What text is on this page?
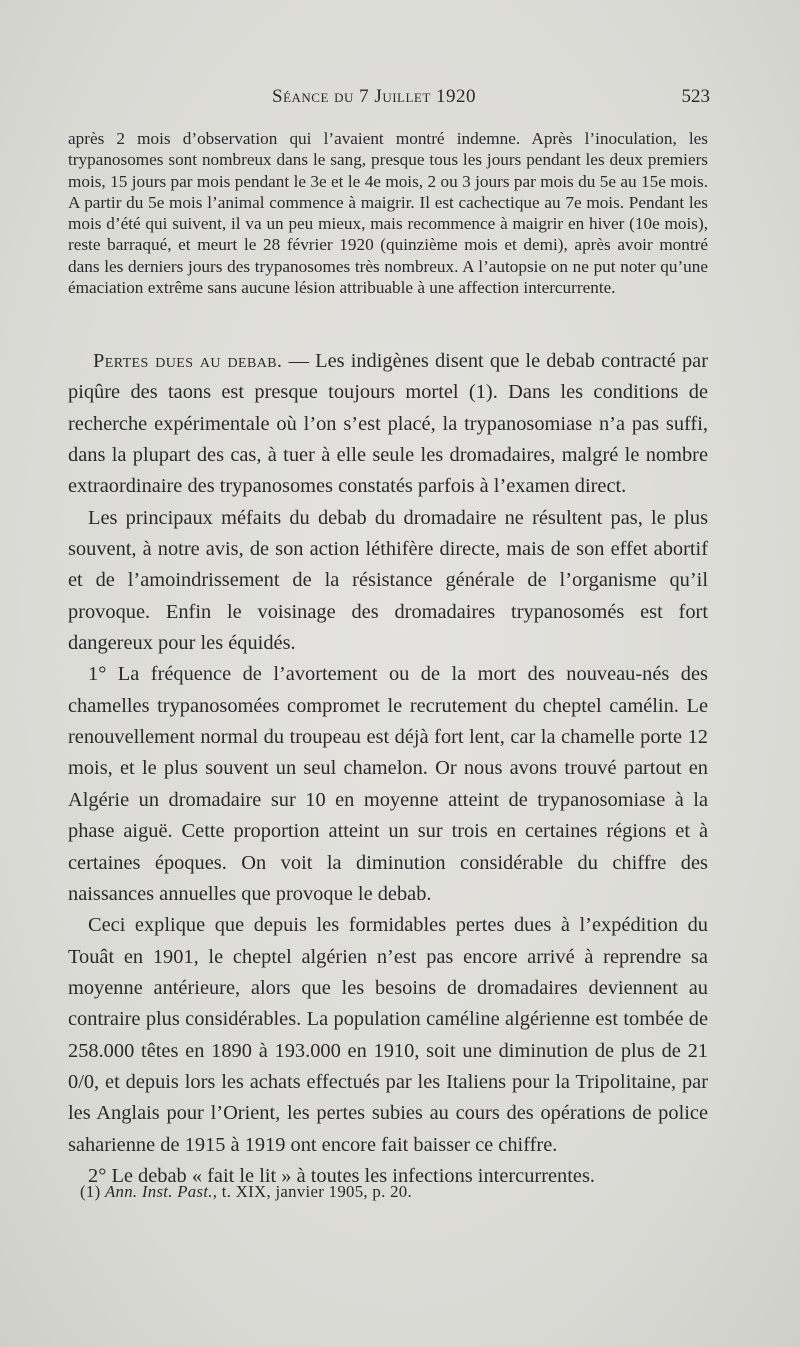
Séance du 7 Juillet 1920	523

après 2 mois d’observation qui l’avaient montré indemne. Après l’inoculation, les trypanosomes sont nombreux dans le sang, presque tous les jours pendant les deux premiers mois, 15 jours par mois pendant le 3e et le 4e mois, 2 ou 3 jours par mois du 5e au 15e mois. A partir du 5e mois l’animal commence à maigrir. Il est cachectique au 7e mois. Pendant les mois d’été qui suivent, il va un peu mieux, mais recommence à maigrir en hiver (10e mois), reste barraqué, et meurt le 28 février 1920 (quinzième mois et demi), après avoir montré dans les derniers jours des trypanosomes très nombreux. A l’autopsie on ne put noter qu’une émaciation extrême sans aucune lésion attribuable à une affection intercurrente.

Pertes dues au debab. — Les indigènes disent que le debab contracté par piqûre des taons est presque toujours mortel (1). Dans les conditions de recherche expérimentale où l’on s’est placé, la trypanosomiase n’a pas suffi, dans la plupart des cas, à tuer à elle seule les dromadaires, malgré le nombre extraordinaire des trypanosomes constatés parfois à l’examen direct.

Les principaux méfaits du debab du dromadaire ne résultent pas, le plus souvent, à notre avis, de son action léthifère directe, mais de son effet abortif et de l’amoindrissement de la résistance générale de l’organisme qu’il provoque. Enfin le voisinage des dromadaires trypanosomés est fort dangereux pour les équidés.

1° La fréquence de l’avortement ou de la mort des nouveau-nés des chamelles trypanosomées compromet le recrutement du cheptel camélin. Le renouvellement normal du troupeau est déjà fort lent, car la chamelle porte 12 mois, et le plus souvent un seul chamelon. Or nous avons trouvé partout en Algérie un dromadaire sur 10 en moyenne atteint de trypanosomiase à la phase aiguë. Cette proportion atteint un sur trois en certaines régions et à certaines époques. On voit la diminution considérable du chiffre des naissances annuelles que provoque le debab.

Ceci explique que depuis les formidables pertes dues à l’expédition du Touât en 1901, le cheptel algérien n’est pas encore arrivé à reprendre sa moyenne antérieure, alors que les besoins de dromadaires deviennent au contraire plus considérables. La population caméline algérienne est tombée de 258.000 têtes en 1890 à 193.000 en 1910, soit une diminution de plus de 21 0/0, et depuis lors les achats effectués par les Italiens pour la Tripolitaine, par les Anglais pour l’Orient, les pertes subies au cours des opérations de police saharienne de 1915 à 1919 ont encore fait baisser ce chiffre.

2° Le debab « fait le lit » à toutes les infections intercurrentes.

(1) Ann. Inst. Past., t. XIX, janvier 1905, p. 20.
